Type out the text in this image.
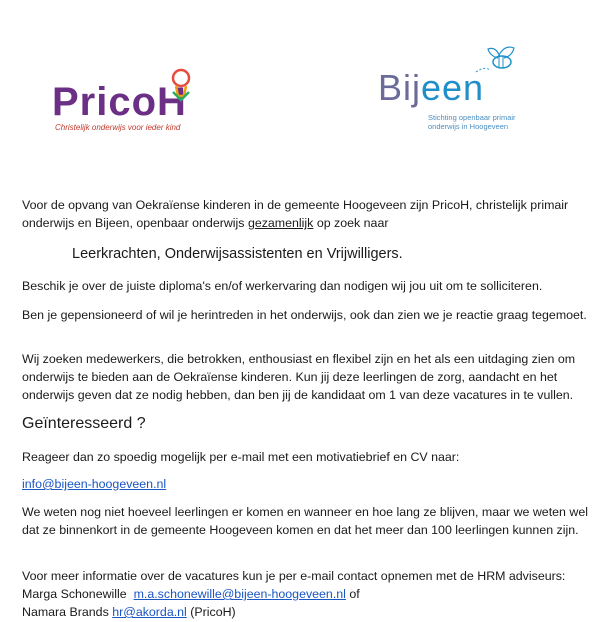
PricoH
Christelijk onderwijs voor ieder kind
Bijeen
Stichting openbaar primair
onderwijs in Hoogeveen
Voor de opvang van Oekraïense kinderen in de gemeente Hoogeveen zijn PricoH, christelijk primair onderwijs en Bijeen, openbaar onderwijs gezamenlijk op zoek naar
Leerkrachten, Onderwijsassistenten en Vrijwilligers.
Beschik je over de juiste diploma's en/of werkervaring dan nodigen wij jou uit om te solliciteren.
Ben je gepensioneerd of wil je herintreden in het onderwijs, ook dan zien we je reactie graag tegemoet.
Wij zoeken medewerkers, die betrokken, enthousiast en flexibel zijn en het als een uitdaging zien om onderwijs te bieden aan de Oekraïense kinderen. Kun jij deze leerlingen de zorg, aandacht en het onderwijs geven dat ze nodig hebben, dan ben jij de kandidaat om 1 van deze vacatures in te vullen.
Geïnteresseerd ?
Reageer dan zo spoedig mogelijk per e-mail met een motivatiebrief en CV naar:
info@bijeen-hoogeveen.nl
We weten nog niet hoeveel leerlingen er komen en wanneer en hoe lang ze blijven, maar we weten wel dat ze binnenkort in de gemeente Hoogeveen komen en dat het meer dan 100 leerlingen kunnen zijn.
Voor meer informatie over de vacatures kun je per e-mail contact opnemen met de HRM adviseurs:
Marga Schonewille m.a.schonewille@bijeen-hoogeveen.nl of
Namara Brands hr@akorda.nl (PricoH)
